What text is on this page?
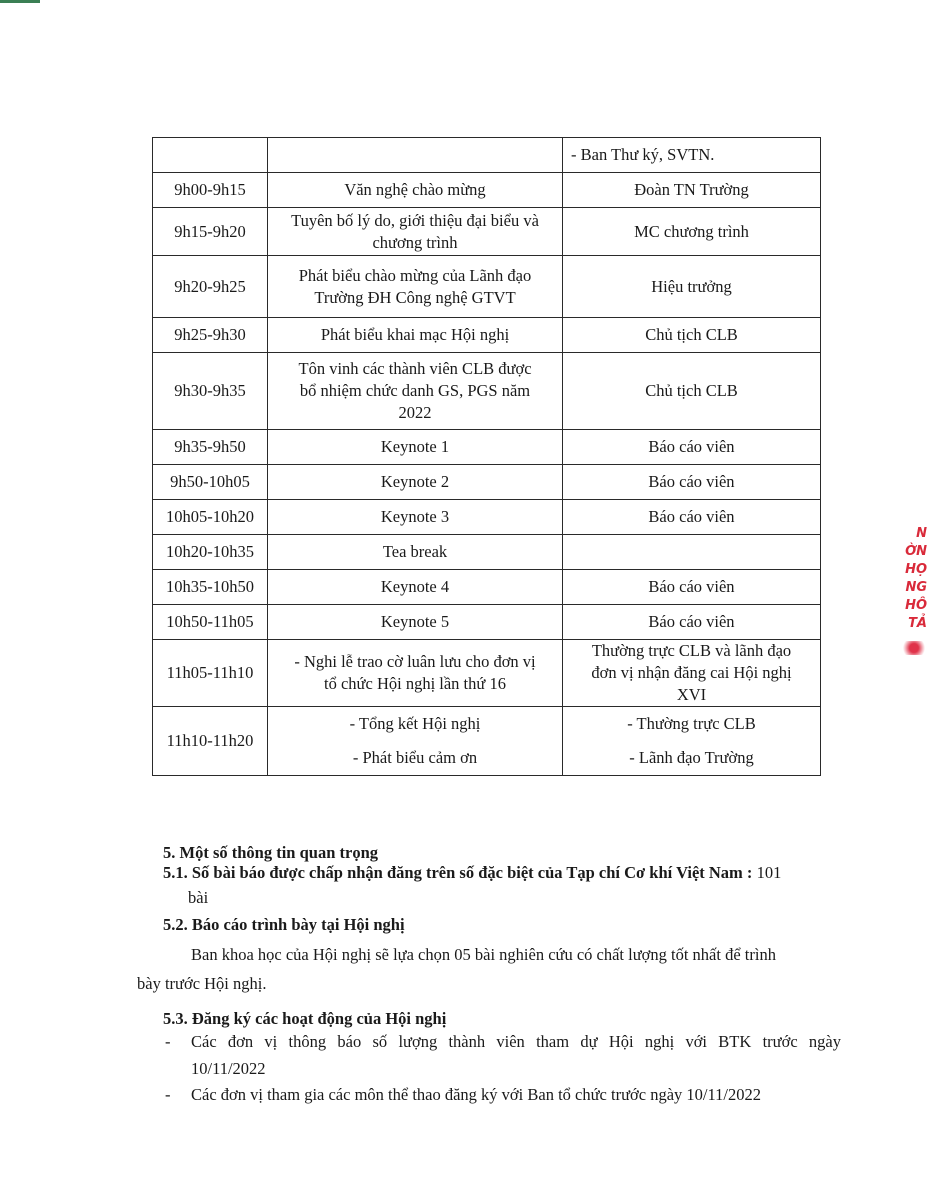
N
ỜN
HỌ
NG
HÔ
TẢ

		- Ban Thư ký, SVTN.

9h00-9h15	Văn nghệ chào mừng	Đoàn TN Trường

9h15-9h20	Tuyên bố lý do, giới thiệu đại biểu và
chương trình	MC chương trình

9h20-9h25	Phát biểu chào mừng của Lãnh đạo
Trường ĐH Công nghệ GTVT	Hiệu trưởng

9h25-9h30	Phát biểu khai mạc Hội nghị	Chủ tịch CLB

9h30-9h35	Tôn vinh các thành viên CLB được
bổ nhiệm chức danh GS, PGS năm
2022	Chủ tịch CLB

9h35-9h50	Keynote 1	Báo cáo viên

9h50-10h05	Keynote 2	Báo cáo viên

10h05-10h20	Keynote 3	Báo cáo viên

10h20-10h35	Tea break	

10h35-10h50	Keynote 4	Báo cáo viên

10h50-11h05	Keynote 5	Báo cáo viên

11h05-11h10	- Nghi lễ trao cờ luân lưu cho đơn vị
tổ chức Hội nghị lần thứ 16	Thường trực CLB và lãnh đạo
đơn vị nhận đăng cai Hội nghị
XVI

11h10-11h20	- Tổng kết Hội nghị
- Phát biểu cảm ơn	- Thường trực CLB
- Lãnh đạo Trường
5. Một số thông tin quan trọng
5.1. Số bài báo được chấp nhận đăng trên số đặc biệt của Tạp chí Cơ khí Việt Nam : 101
bài
5.2. Báo cáo trình bày tại Hội nghị
Ban khoa học của Hội nghị sẽ lựa chọn 05 bài nghiên cứu có chất lượng tốt nhất để trình
bày trước Hội nghị.
5.3. Đăng ký các hoạt động của Hội nghị
- Các đơn vị thông báo số lượng thành viên tham dự Hội nghị với BTK trước ngày
10/11/2022
- Các đơn vị tham gia các môn thể thao đăng ký với Ban tổ chức trước ngày 10/11/2022
